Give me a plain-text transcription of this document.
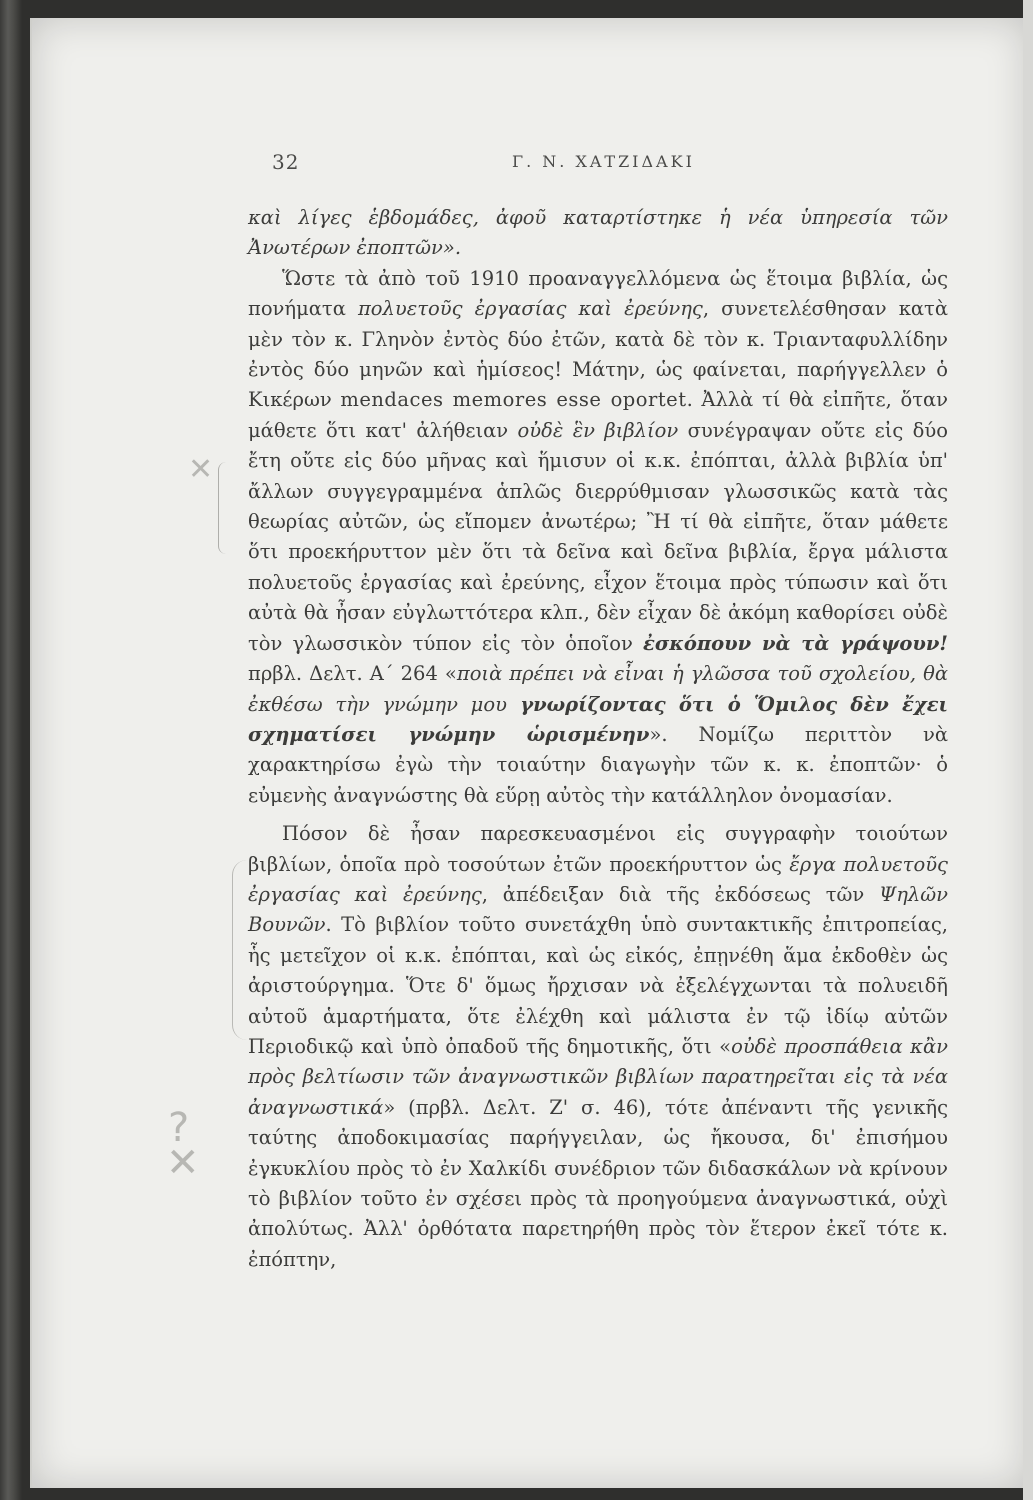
32	Γ. Ν. ΧΑΤΖΙΔΑΚΙ
✕
?
✕

καὶ λίγες ἑβδομάδες, ἀφοῦ καταρτίστηκε ἡ νέα ὑπηρεσία τῶν Ἀνωτέρων ἐποπτῶν».
Ὥστε τὰ ἀπὸ τοῦ 1910 προαναγγελλόμενα ὡς ἕτοιμα βιβλία, ὡς πονήματα πολυετοῦς ἐργασίας καὶ ἐρεύνης, συνετελέσθησαν κατὰ μὲν τὸν κ. Γληνὸν ἐντὸς δύο ἐτῶν, κατὰ δὲ τὸν κ. Τριανταφυλλίδην ἐντὸς δύο μηνῶν καὶ ἡμίσεος! Μάτην, ὡς φαίνεται, παρήγγελλεν ὁ Κικέρων mendaces memores esse oportet. Ἀλλὰ τί θὰ εἰπῆτε, ὅταν μάθετε ὅτι κατ' ἀλήθειαν οὐδὲ ἓν βιβλίον συνέγραψαν οὔτε εἰς δύο ἔτη οὔτε εἰς δύο μῆνας καὶ ἥμισυν οἱ κ.κ. ἐπόπται, ἀλλὰ βιβλία ὑπ' ἄλλων συγγεγραμμένα ἁπλῶς διερρύθμισαν γλωσσικῶς κατὰ τὰς θεωρίας αὐτῶν, ὡς εἴπομεν ἀνωτέρω; Ἢ τί θὰ εἰπῆτε, ὅταν μάθετε ὅτι προεκήρυττον μὲν ὅτι τὰ δεῖνα καὶ δεῖνα βιβλία, ἔργα μάλιστα πολυετοῦς ἐργασίας καὶ ἐρεύνης, εἶχον ἕτοιμα πρὸς τύπωσιν καὶ ὅτι αὐτὰ θὰ ἦσαν εὐγλωττότερα κλπ., δὲν εἶχαν δὲ ἀκόμη καθορίσει οὐδὲ τὸν γλωσσικὸν τύπον εἰς τὸν ὁποῖον ἐσκόπουν νὰ τὰ γράψουν! πρβλ. Δελτ. Α΄ 264 «ποιὰ πρέπει νὰ εἶναι ἡ γλῶσσα τοῦ σχολείου, θὰ ἐκθέσω τὴν γνώμην μου γνωρίζοντας ὅτι ὁ Ὅμιλος δὲν ἔχει σχηματίσει γνώμην ὡρισμένην». Νομίζω περιττὸν νὰ χαρακτηρίσω ἐγὼ τὴν τοιαύτην διαγωγὴν τῶν κ. κ. ἐποπτῶν· ὁ εὐμενὴς ἀναγνώστης θὰ εὕρῃ αὐτὸς τὴν κατάλληλον ὀνομασίαν.

Πόσον δὲ ἦσαν παρεσκευασμένοι εἰς συγγραφὴν τοιούτων βιβλίων, ὁποῖα πρὸ τοσούτων ἐτῶν προεκήρυττον ὡς ἔργα πολυετοῦς ἐργασίας καὶ ἐρεύνης, ἀπέδειξαν διὰ τῆς ἐκδόσεως τῶν Ψηλῶν Βουνῶν. Τὸ βιβλίον τοῦτο συνετάχθη ὑπὸ συντακτικῆς ἐπιτροπείας, ἧς μετεῖχον οἱ κ.κ. ἐπόπται, καὶ ὡς εἰκός, ἐπῃνέθη ἅμα ἐκδοθὲν ὡς ἀριστούργημα. Ὅτε δ' ὅμως ἤρχισαν νὰ ἐξελέγχωνται τὰ πολυειδῆ αὐτοῦ ἁμαρτήματα, ὅτε ἐλέχθη καὶ μάλιστα ἐν τῷ ἰδίῳ αὐτῶν Περιοδικῷ καὶ ὑπὸ ὀπαδοῦ τῆς δημοτικῆς, ὅτι «οὐδὲ προσπάθεια κἂν πρὸς βελτίωσιν τῶν ἀναγνωστικῶν βιβλίων παρατηρεῖται εἰς τὰ νέα ἀναγνωστικά» (πρβλ. Δελτ. Ζ' σ. 46), τότε ἀπέναντι τῆς γενικῆς ταύτης ἀποδοκιμασίας παρήγγειλαν, ὡς ἤκουσα, δι' ἐπισήμου ἐγκυκλίου πρὸς τὸ ἐν Χαλκίδι συνέδριον τῶν διδασκάλων νὰ κρίνουν τὸ βιβλίον τοῦτο ἐν σχέσει πρὸς τὰ προηγούμενα ἀναγνωστικά, οὐχὶ ἀπολύτως. Ἀλλ' ὀρθότατα παρετηρήθη πρὸς τὸν ἕτερον ἐκεῖ τότε κ. ἐπόπτην,
